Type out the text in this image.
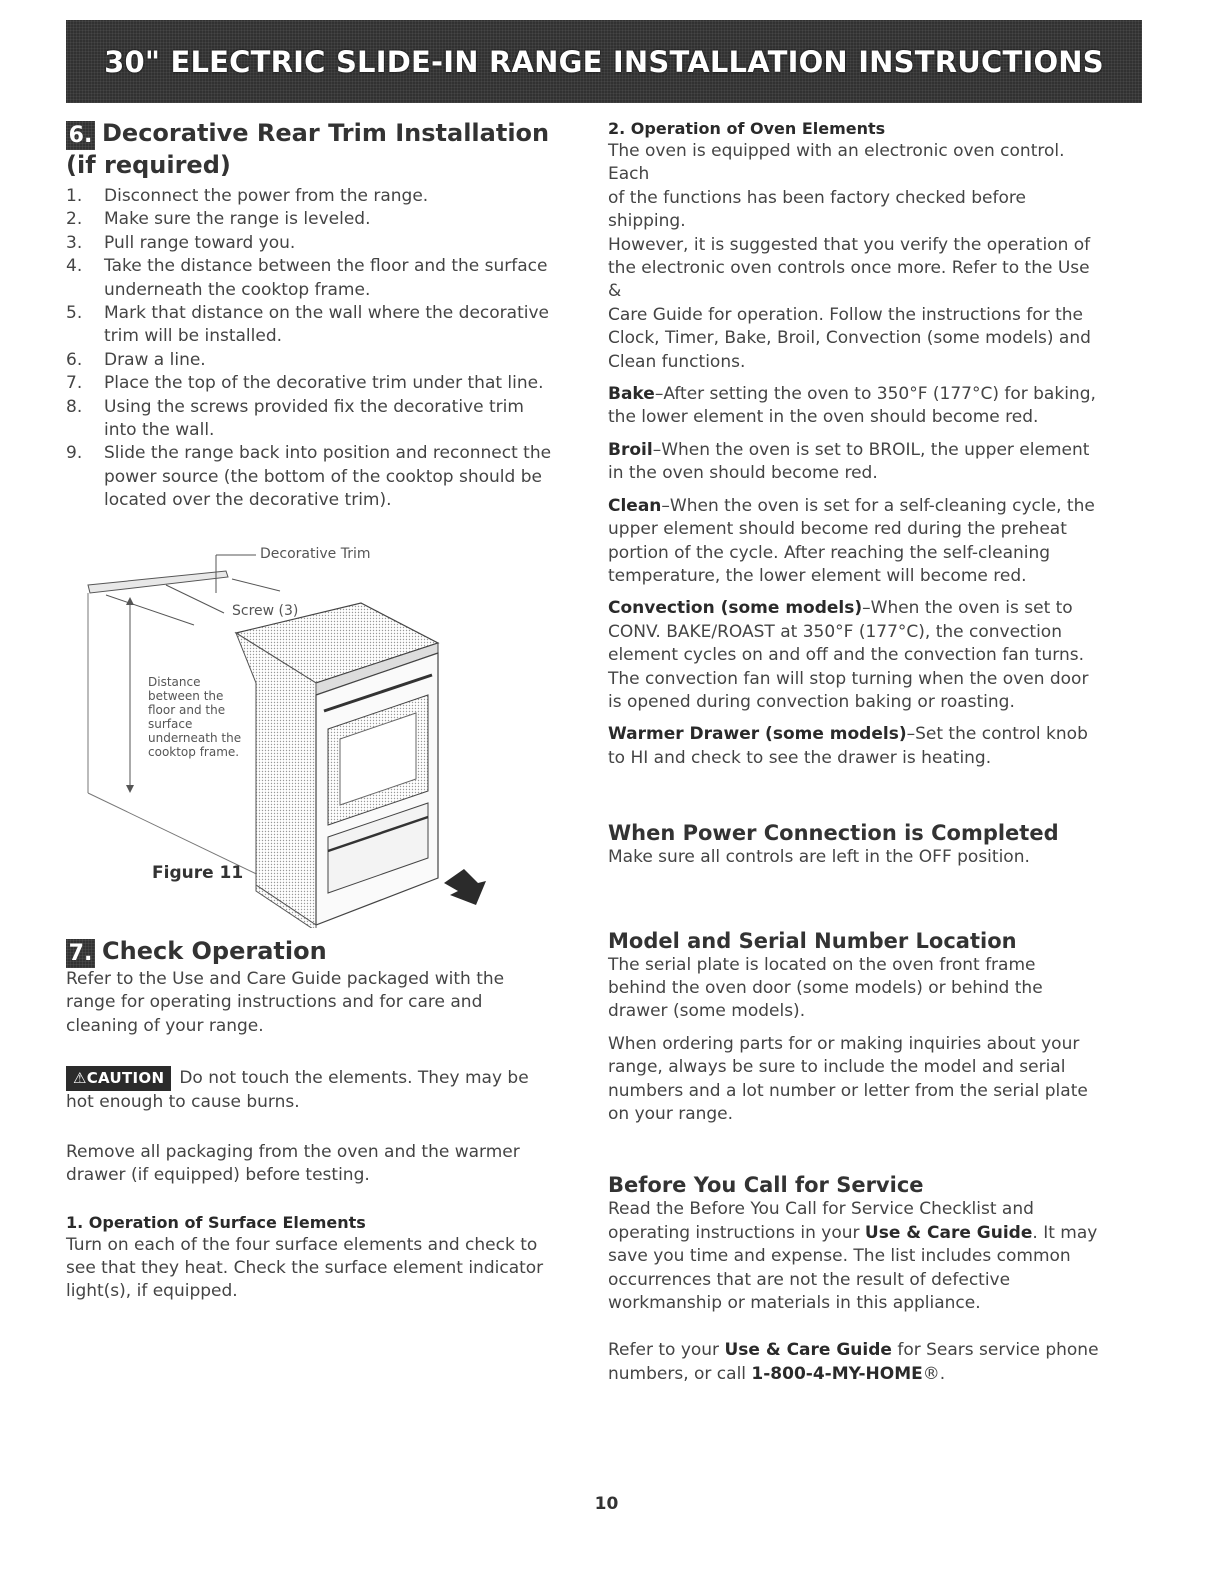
30" ELECTRIC SLIDE-IN RANGE INSTALLATION INSTRUCTIONS
6. Decorative Rear Trim Installation
(if required)
1.	Disconnect the power from the range.
2.	Make sure the range is leveled.
3.	Pull range toward you.
4.	Take the distance between the floor and the surface
underneath the cooktop frame.
5.	Mark that distance on the wall where the decorative
trim will be installed.
6.	Draw a line.
7.	Place the top of the decorative trim under that line.
8.	Using the screws provided fix the decorative trim
into the wall.
9.	Slide the range back into position and reconnect the
power source (the bottom of the cooktop should be
located over the decorative trim).
Decorative Trim
Screw (3)
Distance
between the
floor and the
surface
underneath the
cooktop frame.
Figure 11
7. Check Operation

Refer to the Use and Care Guide packaged with the
range for operating instructions and for care and
cleaning of your range.

⚠CAUTION Do not touch the elements. They may be
hot enough to cause burns.

Remove all packaging from the oven and the warmer
drawer (if equipped) before testing.

1. Operation of Surface Elements

Turn on each of the four surface elements and check to
see that they heat. Check the surface element indicator
light(s), if equipped.

2. Operation of Oven Elements

The oven is equipped with an electronic oven control. Each
of the functions has been factory checked before shipping.
However, it is suggested that you verify the operation of
the electronic oven controls once more. Refer to the Use &
Care Guide for operation. Follow the instructions for the
Clock, Timer, Bake, Broil, Convection (some models) and
Clean functions.

Bake–After setting the oven to 350°F (177°C) for baking,
the lower element in the oven should become red.

Broil–When the oven is set to BROIL, the upper element
in the oven should become red.

Clean–When the oven is set for a self-cleaning cycle, the
upper element should become red during the preheat
portion of the cycle. After reaching the self-cleaning
temperature, the lower element will become red.

Convection (some models)–When the oven is set to
CONV. BAKE/ROAST at 350°F (177°C), the convection
element cycles on and off and the convection fan turns.
The convection fan will stop turning when the oven door
is opened during convection baking or roasting.

Warmer Drawer (some models)–Set the control knob
to HI and check to see the drawer is heating.

When Power Connection is Completed

Make sure all controls are left in the OFF position.

Model and Serial Number Location

The serial plate is located on the oven front frame
behind the oven door (some models) or behind the
drawer (some models).

When ordering parts for or making inquiries about your
range, always be sure to include the model and serial
numbers and a lot number or letter from the serial plate
on your range.

Before You Call for Service

Read the Before You Call for Service Checklist and
operating instructions in your Use & Care Guide. It may
save you time and expense. The list includes common
occurrences that are not the result of defective
workmanship or materials in this appliance.

Refer to your Use & Care Guide for Sears service phone
numbers, or call 1-800-4-MY-HOME®.

10
